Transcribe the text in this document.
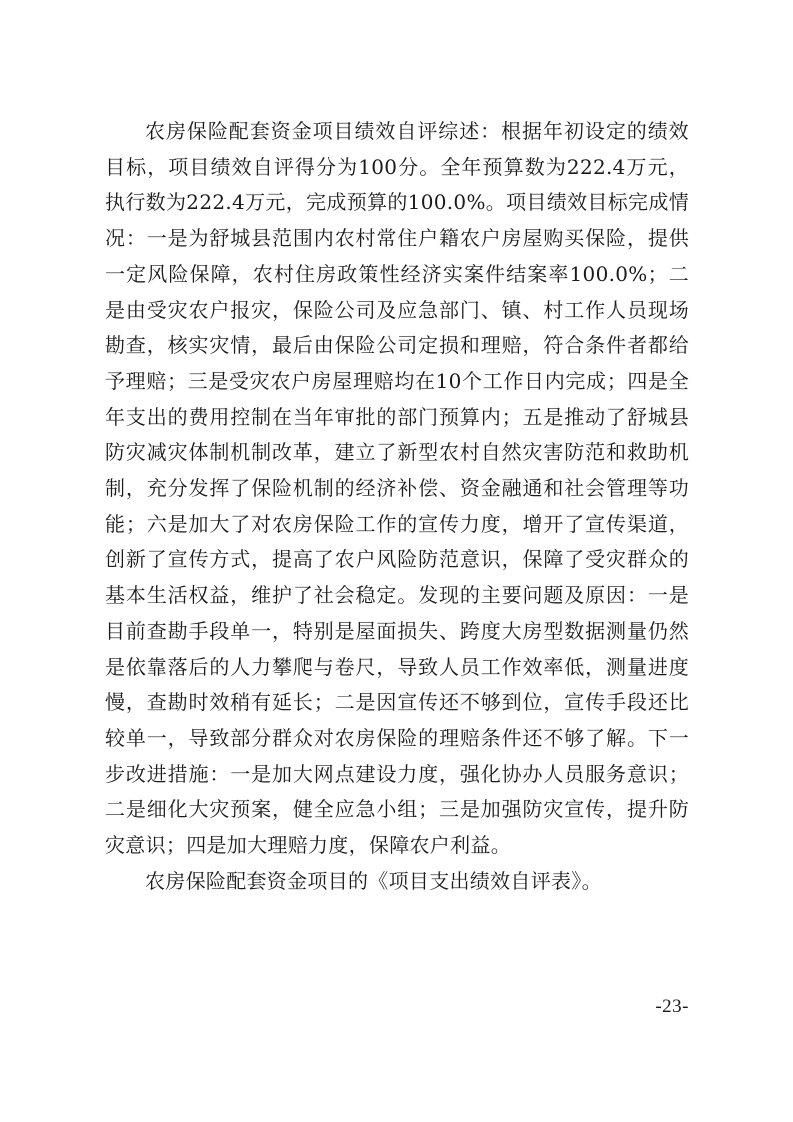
农房保险配套资金项目绩效自评综述：根据年初设定的绩效目标，项目绩效自评得分为100分。全年预算数为222.4万元，执行数为222.4万元，完成预算的100.0%。项目绩效目标完成情况：一是为舒城县范围内农村常住户籍农户房屋购买保险，提供一定风险保障，农村住房政策性经济实案件结案率100.0%；二是由受灾农户报灾，保险公司及应急部门、镇、村工作人员现场勘查，核实灾情，最后由保险公司定损和理赔，符合条件者都给予理赔；三是受灾农户房屋理赔均在10个工作日内完成；四是全年支出的费用控制在当年审批的部门预算内；五是推动了舒城县防灾减灾体制机制改革，建立了新型农村自然灾害防范和救助机制，充分发挥了保险机制的经济补偿、资金融通和社会管理等功能；六是加大了对农房保险工作的宣传力度，增开了宣传渠道，创新了宣传方式，提高了农户风险防范意识，保障了受灾群众的基本生活权益，维护了社会稳定。发现的主要问题及原因：一是目前查勘手段单一，特别是屋面损失、跨度大房型数据测量仍然是依靠落后的人力攀爬与卷尺，导致人员工作效率低，测量进度慢，查勘时效稍有延长；二是因宣传还不够到位，宣传手段还比较单一，导致部分群众对农房保险的理赔条件还不够了解。下一步改进措施：一是加大网点建设力度，强化协办人员服务意识；二是细化大灾预案，健全应急小组；三是加强防灾宣传，提升防灾意识；四是加大理赔力度，保障农户利益。

农房保险配套资金项目的《项目支出绩效自评表》。

-23-
